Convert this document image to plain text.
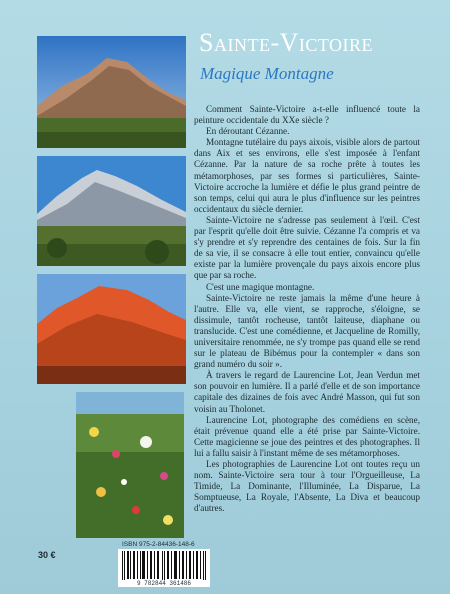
Sainte-Victoire
Magique Montagne

Comment Sainte-Victoire a-t-elle influencé toute la peinture occidentale du XXe siècle ?

En déroutant Cézanne.

Montagne tutélaire du pays aixois, visible alors de partout dans Aix et ses environs, elle s'est imposée à l'enfant Cézanne. Par la nature de sa roche prête à toutes les métamorphoses, par ses formes si particulières, Sainte-Victoire accroche la lumière et défie le plus grand peintre de son temps, celui qui aura le plus d'influence sur les peintres occidentaux du siècle dernier.

Sainte-Victoire ne s'adresse pas seulement à l'œil. C'est par l'esprit qu'elle doit être suivie. Cézanne l'a compris et va s'y prendre et s'y reprendre des centaines de fois. Sur la fin de sa vie, il se consacre à elle tout entier, convaincu qu'elle existe par la lumière provençale du pays aixois encore plus que par sa roche.

C'est une magique montagne.

Sainte-Victoire ne reste jamais la même d'une heure à l'autre. Elle va, elle vient, se rapproche, s'éloigne, se dissimule, tantôt rocheuse, tantôt laiteuse, diaphane ou translucide. C'est une comédienne, et Jacqueline de Romilly, universitaire renommée, ne s'y trompe pas quand elle se rend sur le plateau de Bibémus pour la contempler « dans son grand numéro du soir ».

À travers le regard de Laurencine Lot, Jean Verdun met son pouvoir en lumière. Il a parlé d'elle et de son importance capitale des dizaines de fois avec André Masson, qui fut son voisin au Tholonet.

Laurencine Lot, photographe des comédiens en scène, était prévenue quand elle a été prise par Sainte-Victoire. Cette magicienne se joue des peintres et des photographes. Il lui a fallu saisir à l'instant même de ses métamorphoses.

Les photographies de Laurencine Lot ont toutes reçu un nom. Sainte-Victoire sera tour à tour l'Orgueilleuse, La Timide, La Dominante, l'Illuminée, La Disparue, La Somptueuse, La Royale, l'Absente, La Diva et beaucoup d'autres.

30 €
ISBN 975-2-84436-148-6
9 782844 361486
